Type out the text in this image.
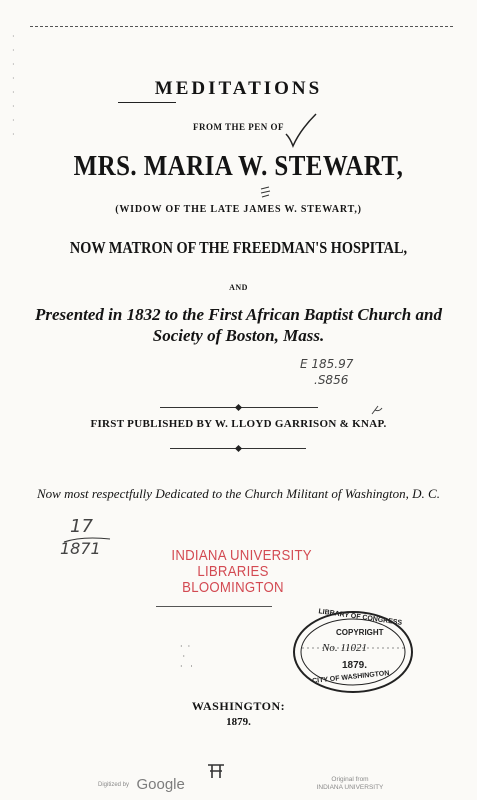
·
·
·
·
·
·
·
·
MEDITATIONS
FROM THE PEN OF
MRS. MARIA W. STEWART,
(WIDOW OF THE LATE JAMES W. STEWART,)
NOW MATRON OF THE FREEDMAN'S HOSPITAL,
AND
Presented in 1832 to the First African Baptist Church and Society of Boston, Mass.
E 185.97
.S856
FIRST PUBLISHED BY W. LLOYD GARRISON & KNAP.
Now most respectfully Dedicated to the Church Militant of Washington, D. C.
17
1871	INDIANA UNIVERSITY
LIBRARIES
BLOOMINGTON
LIBRARY OF CONGRESS
COPYRIGHT
No. 11021
1879.
CITY OF WASHINGTON
·  ·
·
·   ·
WASHINGTON:
1879.
Digitized by Google	Original from
INDIANA UNIVERSITY
